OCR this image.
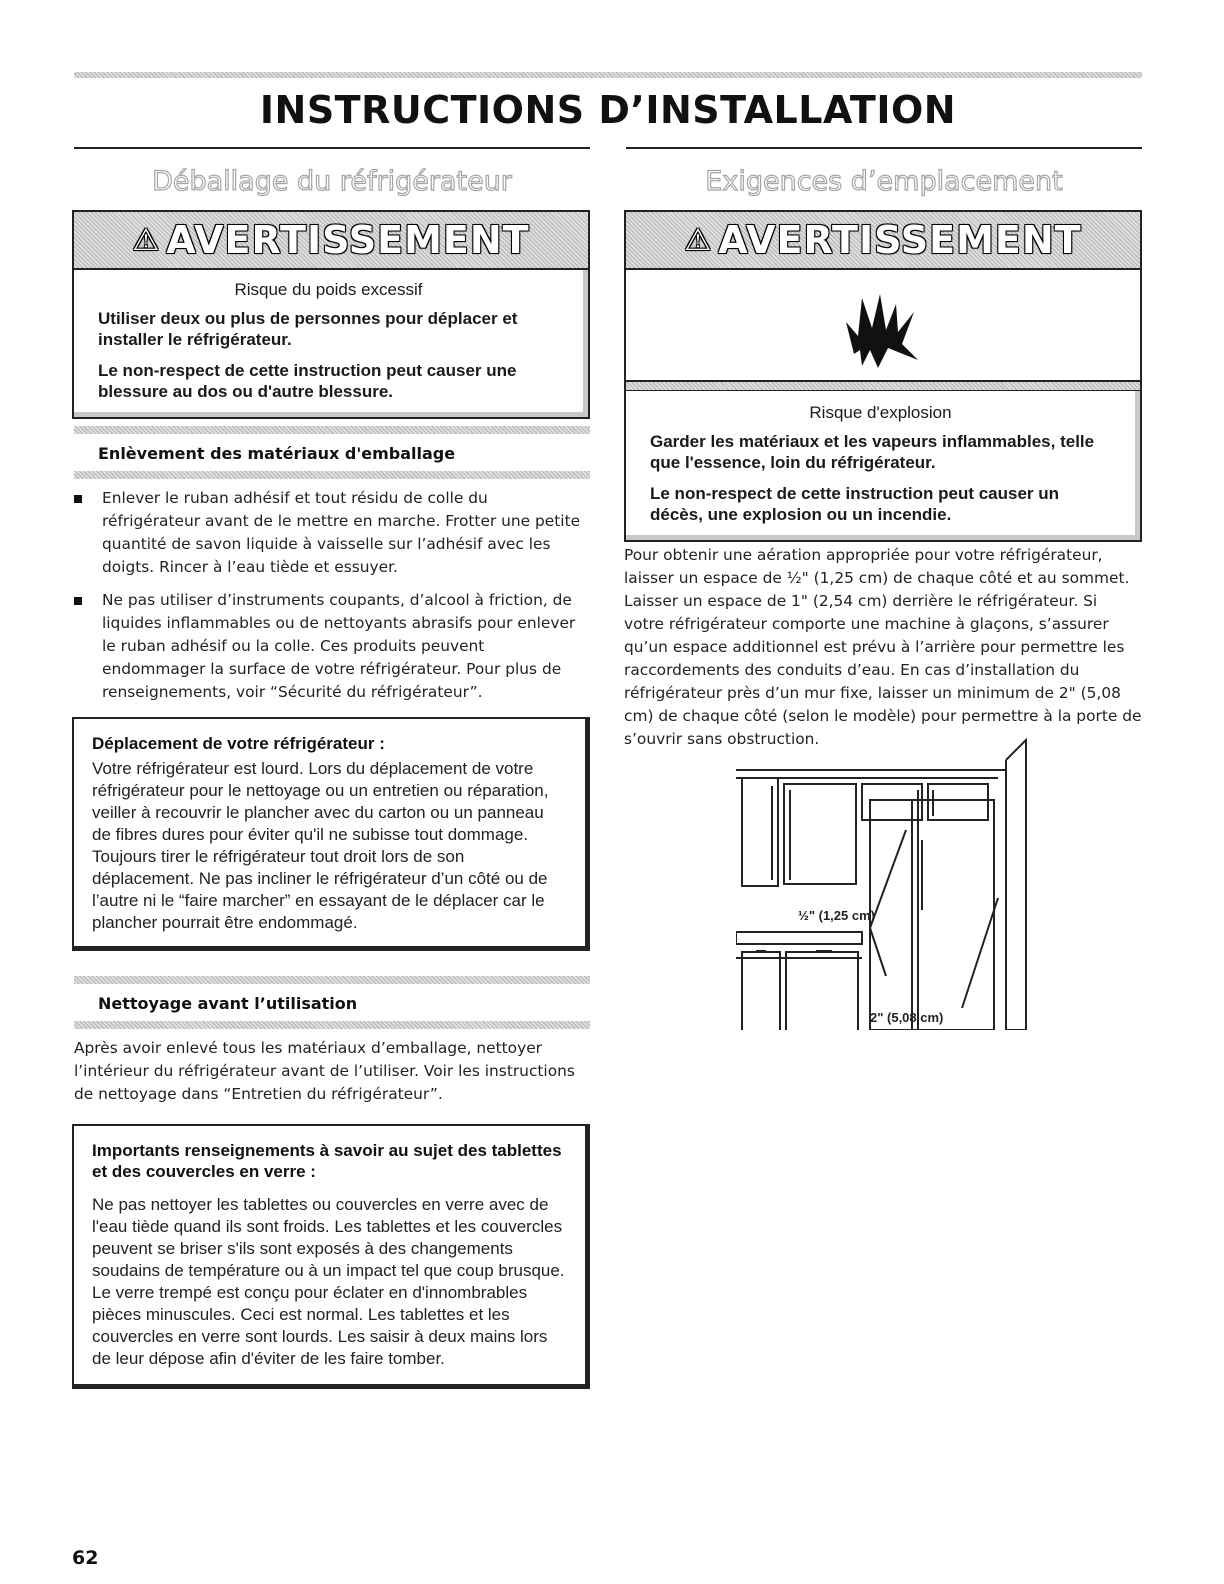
INSTRUCTIONS D’INSTALLATION
Déballage du réfrigérateur	Exigences d’emplacement
⚠ AVERTISSEMENT
Risque du poids excessif

Utiliser deux ou plus de personnes pour déplacer et installer le réfrigérateur.

Le non-respect de cette instruction peut causer une blessure au dos ou d'autre blessure.

Enlèvement des matériaux d'emballage
Enlever le ruban adhésif et tout résidu de colle du réfrigérateur avant de le mettre en marche. Frotter une petite quantité de savon liquide à vaisselle sur l’adhésif avec les doigts. Rincer à l’eau tiède et essuyer.
Ne pas utiliser d’instruments coupants, d’alcool à friction, de liquides inflammables ou de nettoyants abrasifs pour enlever le ruban adhésif ou la colle. Ces produits peuvent endommager la surface de votre réfrigérateur. Pour plus de renseignements, voir “Sécurité du réfrigérateur”.
Déplacement de votre réfrigérateur :
Votre réfrigérateur est lourd. Lors du déplacement de votre réfrigérateur pour le nettoyage ou un entretien ou réparation, veiller à recouvrir le plancher avec du carton ou un panneau de fibres dures pour éviter qu'il ne subisse tout dommage. Toujours tirer le réfrigérateur tout droit lors de son déplacement. Ne pas incliner le réfrigérateur d’un côté ou de l’autre ni le “faire marcher” en essayant de le déplacer car le plancher pourrait être endommagé.
Nettoyage avant l’utilisation

Après avoir enlevé tous les matériaux d’emballage, nettoyer l’intérieur du réfrigérateur avant de l’utiliser. Voir les instructions de nettoyage dans “Entretien du réfrigérateur”.

Importants renseignements à savoir au sujet des tablettes et des couvercles en verre :
Ne pas nettoyer les tablettes ou couvercles en verre avec de l'eau tiède quand ils sont froids. Les tablettes et les couvercles peuvent se briser s'ils sont exposés à des changements soudains de température ou à un impact tel que coup brusque. Le verre trempé est conçu pour éclater en d'innombrables pièces minuscules. Ceci est normal. Les tablettes et les couvercles en verre sont lourds. Les saisir à deux mains lors de leur dépose afin d'éviter de les faire tomber.
⚠ AVERTISSEMENT
Risque d'explosion

Garder les matériaux et les vapeurs inflammables, telle que l'essence, loin du réfrigérateur.

Le non-respect de cette instruction peut causer un décès, une explosion ou un incendie.

Pour obtenir une aération appropriée pour votre réfrigérateur, laisser un espace de ½" (1,25 cm) de chaque côté et au sommet. Laisser un espace de 1" (2,54 cm) derrière le réfrigérateur. Si votre réfrigérateur comporte une machine à glaçons, s’assurer qu’un espace additionnel est prévu à l’arrière pour permettre les raccordements des conduits d’eau. En cas d’installation du réfrigérateur près d’un mur fixe, laisser un minimum de 2" (5,08 cm) de chaque côté (selon le modèle) pour permettre à la porte de s’ouvrir sans obstruction.

½" (1,25 cm)
2" (5,08 cm)
62
